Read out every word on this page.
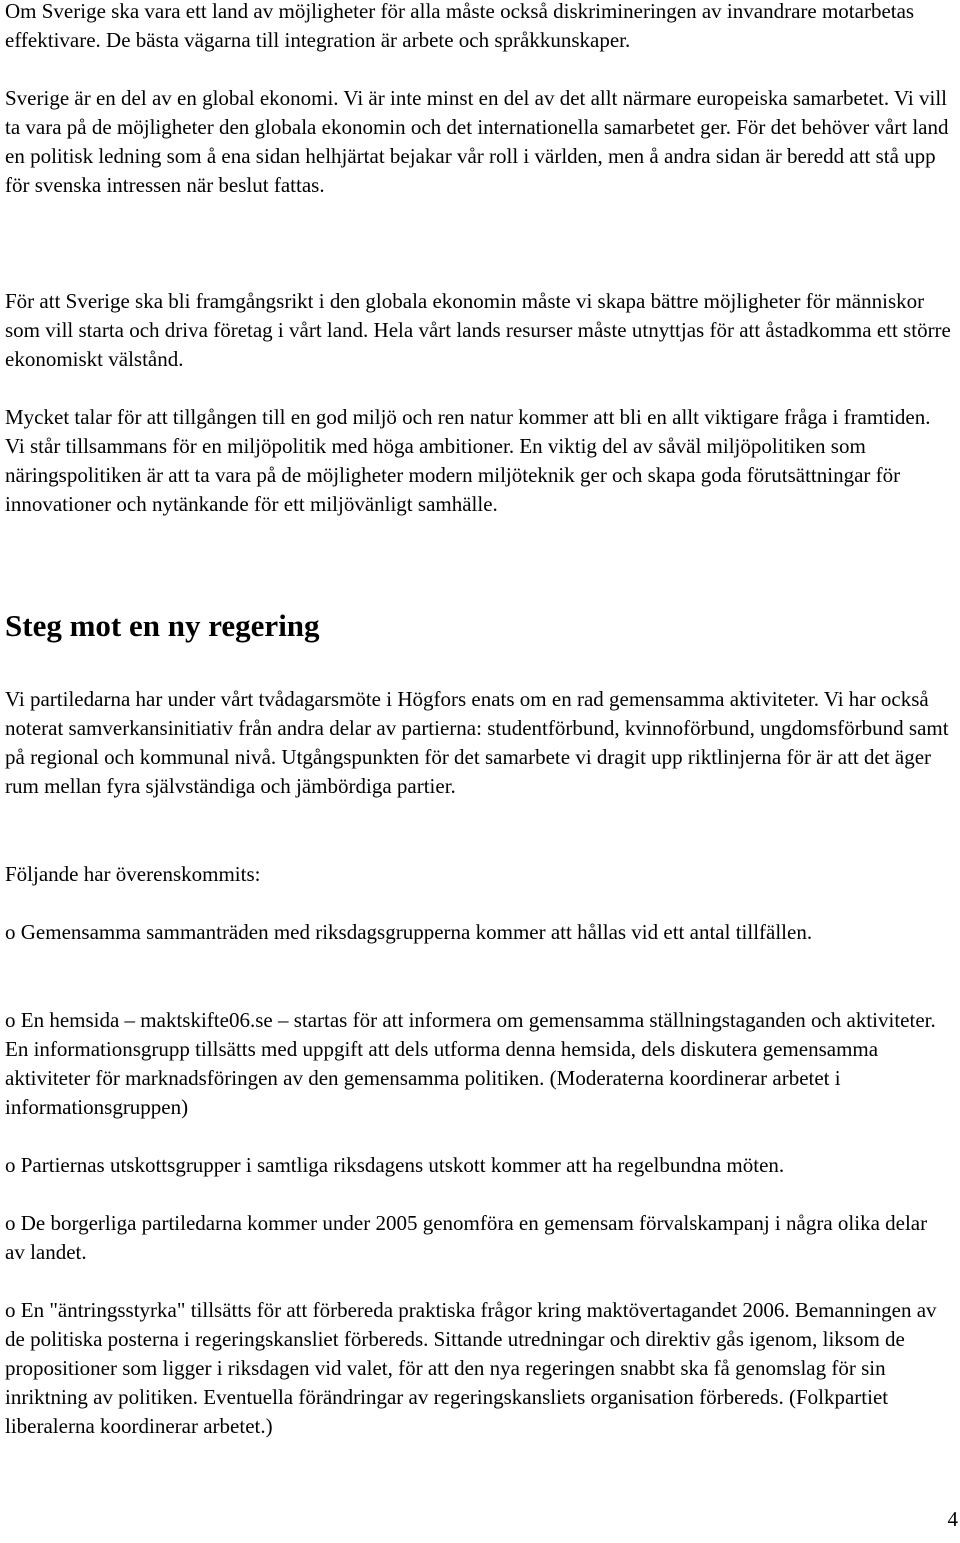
Om Sverige ska vara ett land av möjligheter för alla måste också diskrimineringen av invandrare motarbetas effektivare. De bästa vägarna till integration är arbete och språkkunskaper.

Sverige är en del av en global ekonomi. Vi är inte minst en del av det allt närmare europeiska samarbetet. Vi vill ta vara på de möjligheter den globala ekonomin och det internationella samarbetet ger. För det behöver vårt land en politisk ledning som å ena sidan helhjärtat bejakar vår roll i världen, men å andra sidan är beredd att stå upp för svenska intressen när beslut fattas.

För att Sverige ska bli framgångsrikt i den globala ekonomin måste vi skapa bättre möjligheter för människor som vill starta och driva företag i vårt land. Hela vårt lands resurser måste utnyttjas för att åstadkomma ett större ekonomiskt välstånd.

Mycket talar för att tillgången till en god miljö och ren natur kommer att bli en allt viktigare fråga i framtiden. Vi står tillsammans för en miljöpolitik med höga ambitioner. En viktig del av såväl miljöpolitiken som näringspolitiken är att ta vara på de möjligheter modern miljöteknik ger och skapa goda förutsättningar för innovationer och nytänkande för ett miljövänligt samhälle.

Steg mot en ny regering

Vi partiledarna har under vårt tvådagarsmöte i Högfors enats om en rad gemensamma aktiviteter. Vi har också noterat samverkansinitiativ från andra delar av partierna: studentförbund, kvinnoförbund, ungdomsförbund samt på regional och kommunal nivå. Utgångspunkten för det samarbete vi dragit upp riktlinjerna för är att det äger rum mellan fyra självständiga och jämbördiga partier.

Följande har överenskommits:

o Gemensamma sammanträden med riksdagsgrupperna kommer att hållas vid ett antal tillfällen.

o En hemsida – maktskifte06.se – startas för att informera om gemensamma ställningstaganden och aktiviteter. En informationsgrupp tillsätts med uppgift att dels utforma denna hemsida, dels diskutera gemensamma aktiviteter för marknadsföringen av den gemensamma politiken. (Moderaterna koordinerar arbetet i informationsgruppen)

o Partiernas utskottsgrupper i samtliga riksdagens utskott kommer att ha regelbundna möten.

o De borgerliga partiledarna kommer under 2005 genomföra en gemensam förvalskampanj i några olika delar av landet.

o En "äntringsstyrka" tillsätts för att förbereda praktiska frågor kring maktövertagandet 2006. Bemanningen av de politiska posterna i regeringskansliet förbereds. Sittande utredningar och direktiv gås igenom, liksom de propositioner som ligger i riksdagen vid valet, för att den nya regeringen snabbt ska få genomslag för sin inriktning av politiken. Eventuella förändringar av regeringskansliets organisation förbereds. (Folkpartiet liberalerna koordinerar arbetet.)

4
